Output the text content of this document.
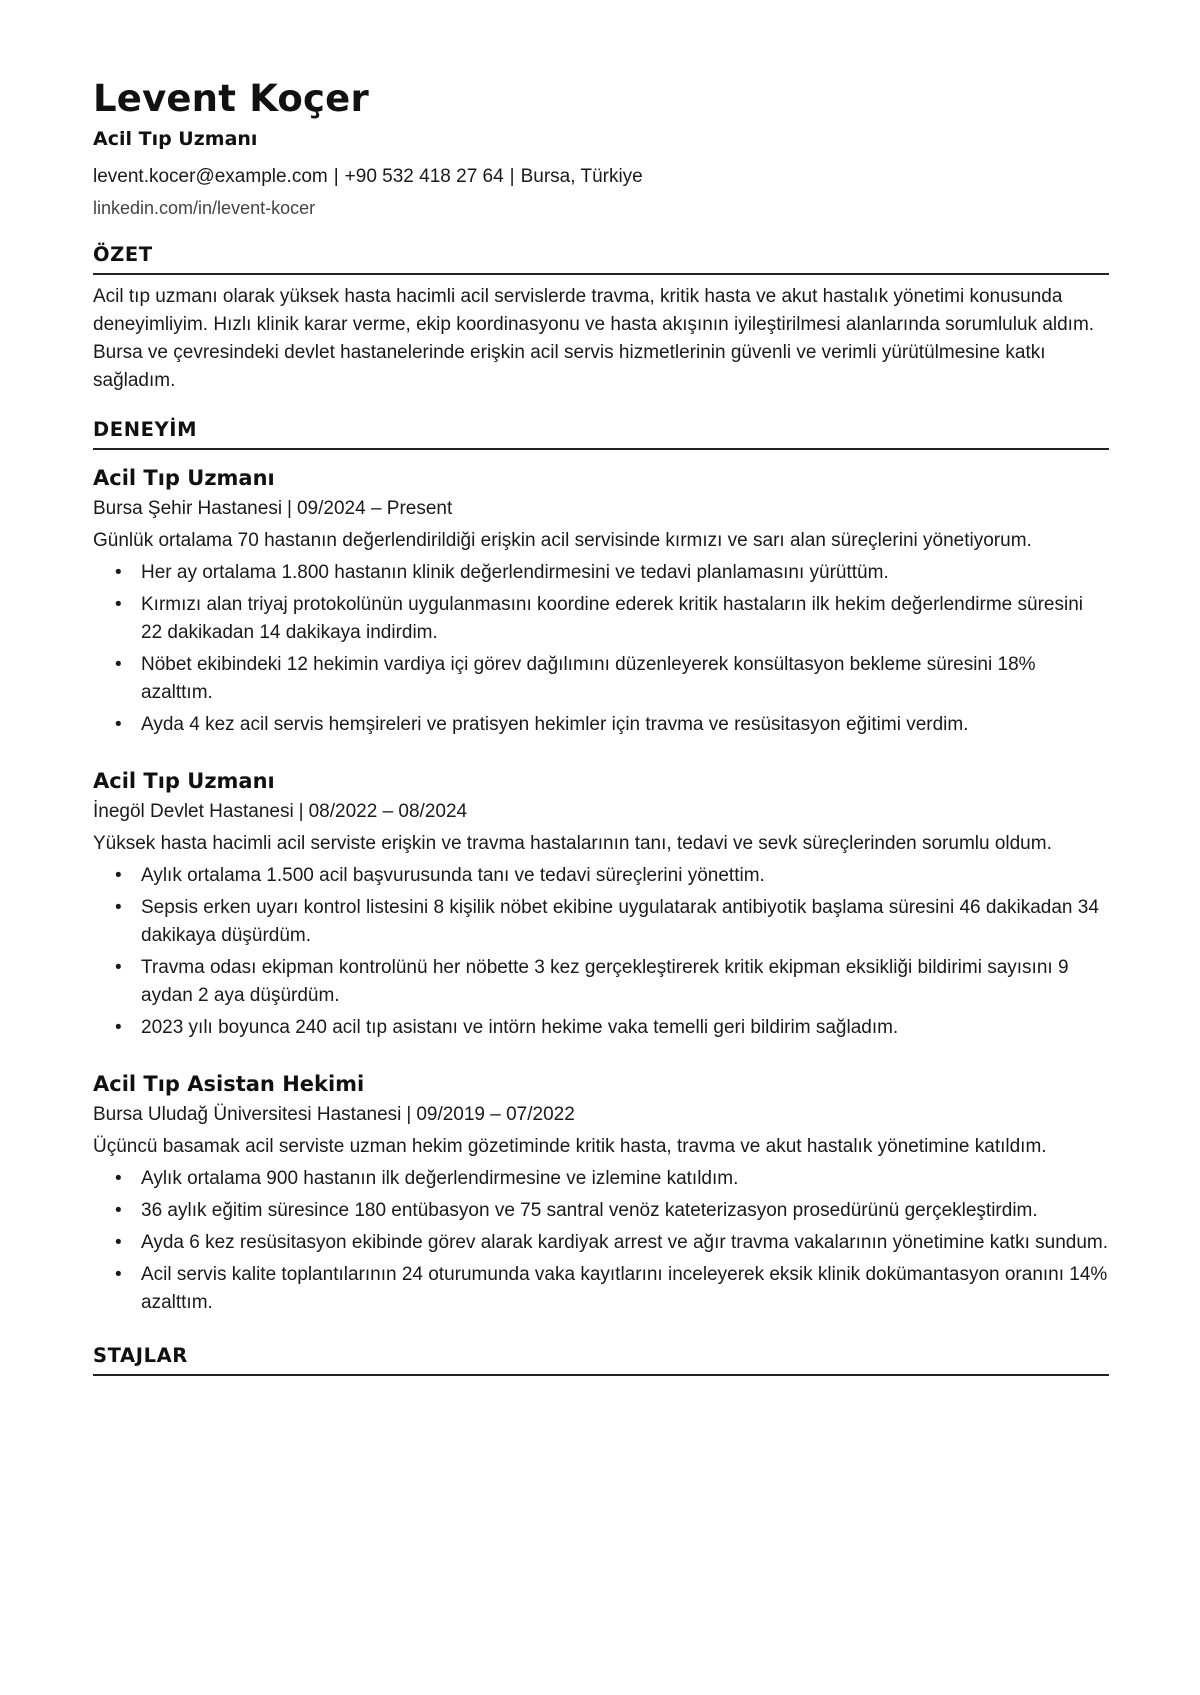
Levent Koçer
Acil Tıp Uzmanı
levent.kocer@example.com | +90 532 418 27 64 | Bursa, Türkiye
linkedin.com/in/levent-kocer
ÖZET

Acil tıp uzmanı olarak yüksek hasta hacimli acil servislerde travma, kritik hasta ve akut hastalık yönetimi konusunda deneyimliyim. Hızlı klinik karar verme, ekip koordinasyonu ve hasta akışının iyileştirilmesi alanlarında sorumluluk aldım. Bursa ve çevresindeki devlet hastanelerinde erişkin acil servis hizmetlerinin güvenli ve verimli yürütülmesine katkı sağladım.

DENEYİM
Acil Tıp Uzmanı
Bursa Şehir Hastanesi | 09/2024 – Present
Günlük ortalama 70 hastanın değerlendirildiği erişkin acil servisinde kırmızı ve sarı alan süreçlerini yönetiyorum.
• Her ay ortalama 1.800 hastanın klinik değerlendirmesini ve tedavi planlamasını yürüttüm.
• Kırmızı alan triyaj protokolünün uygulanmasını koordine ederek kritik hastaların ilk hekim değerlendirme süresini 22 dakikadan 14 dakikaya indirdim.
• Nöbet ekibindeki 12 hekimin vardiya içi görev dağılımını düzenleyerek konsültasyon bekleme süresini 18% azalttım.
• Ayda 4 kez acil servis hemşireleri ve pratisyen hekimler için travma ve resüsitasyon eğitimi verdim.
Acil Tıp Uzmanı
İnegöl Devlet Hastanesi | 08/2022 – 08/2024
Yüksek hasta hacimli acil serviste erişkin ve travma hastalarının tanı, tedavi ve sevk süreçlerinden sorumlu oldum.
• Aylık ortalama 1.500 acil başvurusunda tanı ve tedavi süreçlerini yönettim.
• Sepsis erken uyarı kontrol listesini 8 kişilik nöbet ekibine uygulatarak antibiyotik başlama süresini 46 dakikadan 34 dakikaya düşürdüm.
• Travma odası ekipman kontrolünü her nöbette 3 kez gerçekleştirerek kritik ekipman eksikliği bildirimi sayısını 9 aydan 2 aya düşürdüm.
• 2023 yılı boyunca 240 acil tıp asistanı ve intörn hekime vaka temelli geri bildirim sağladım.
Acil Tıp Asistan Hekimi
Bursa Uludağ Üniversitesi Hastanesi | 09/2019 – 07/2022
Üçüncü basamak acil serviste uzman hekim gözetiminde kritik hasta, travma ve akut hastalık yönetimine katıldım.
• Aylık ortalama 900 hastanın ilk değerlendirmesine ve izlemine katıldım.
• 36 aylık eğitim süresince 180 entübasyon ve 75 santral venöz kateterizasyon prosedürünü gerçekleştirdim.
• Ayda 6 kez resüsitasyon ekibinde görev alarak kardiyak arrest ve ağır travma vakalarının yönetimine katkı sundum.
• Acil servis kalite toplantılarının 24 oturumunda vaka kayıtlarını inceleyerek eksik klinik dokümantasyon oranını 14% azalttım.
STAJLAR
